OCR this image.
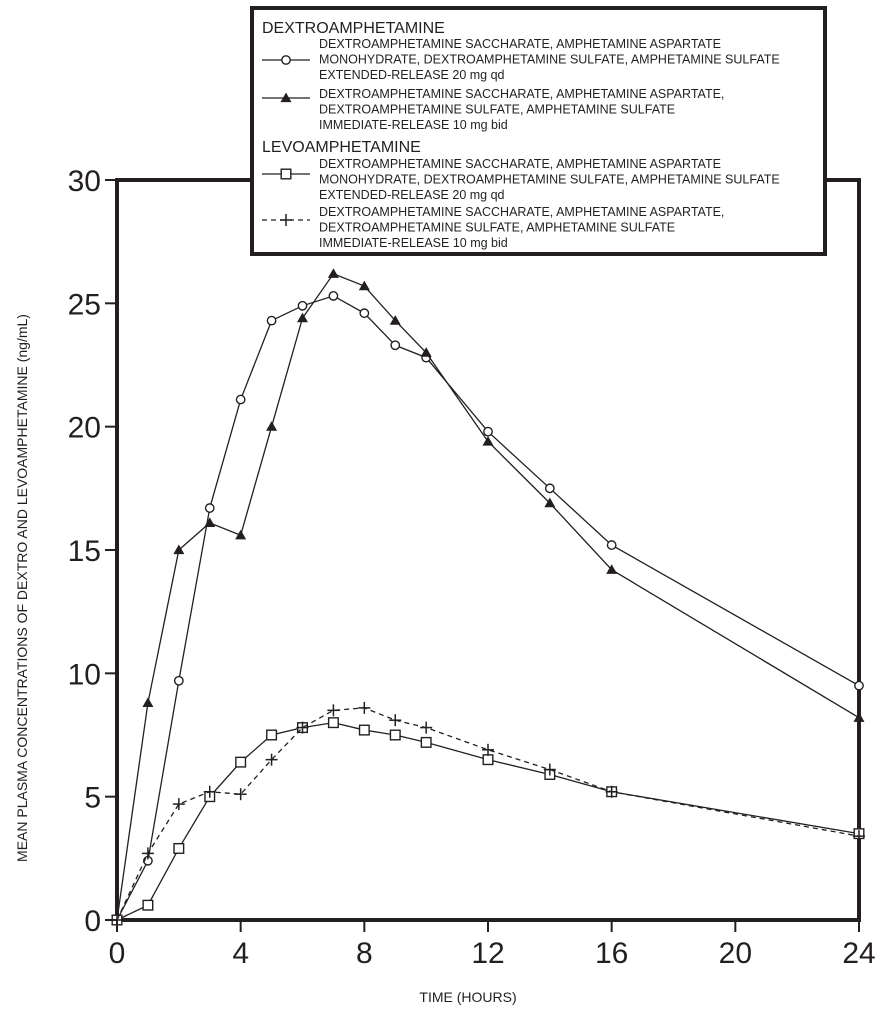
0	4	8	12	16	20	24
0
5
10
15
20
25
30
TIME (HOURS)
MEAN PLASMA CONCENTRATIONS OF DEXTRO AND LEVOAMPHETAMINE (ng/mL)
DEXTROAMPHETAMINE
DEXTROAMPHETAMINE SACCHARATE, AMPHETAMINE ASPARTATE
MONOHYDRATE, DEXTROAMPHETAMINE SULFATE, AMPHETAMINE SULFATE
EXTENDED-RELEASE 20 mg qd
DEXTROAMPHETAMINE SACCHARATE, AMPHETAMINE ASPARTATE,
DEXTROAMPHETAMINE SULFATE, AMPHETAMINE SULFATE
IMMEDIATE-RELEASE 10 mg bid
LEVOAMPHETAMINE
DEXTROAMPHETAMINE SACCHARATE, AMPHETAMINE ASPARTATE
MONOHYDRATE, DEXTROAMPHETAMINE SULFATE, AMPHETAMINE SULFATE
EXTENDED-RELEASE 20 mg qd
DEXTROAMPHETAMINE SACCHARATE, AMPHETAMINE ASPARTATE,
DEXTROAMPHETAMINE SULFATE, AMPHETAMINE SULFATE
IMMEDIATE-RELEASE 10 mg bid
